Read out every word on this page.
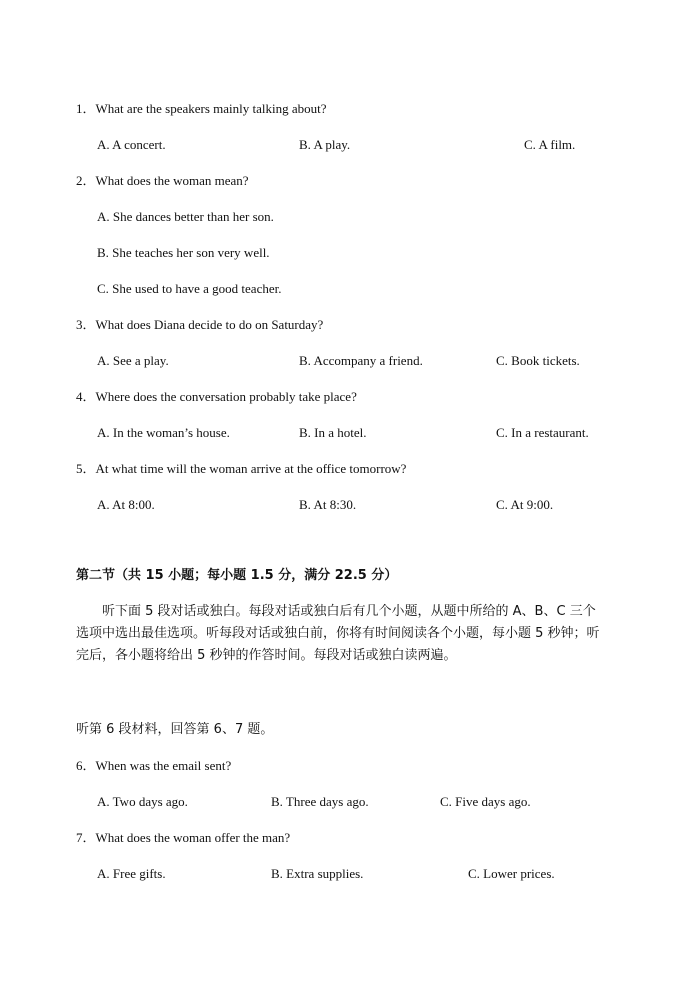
1．What are the speakers mainly talking about?
A. A concert.	B. A play.	C. A film.
2．What does the woman mean?
A. She dances better than her son.
B. She teaches her son very well.
C. She used to have a good teacher.
3．What does Diana decide to do on Saturday?
A. See a play.	B. Accompany a friend.	C. Book tickets.
4．Where does the conversation probably take place?
A. In the woman’s house.	B. In a hotel.	C. In a restaurant.
5．At what time will the woman arrive at the office tomorrow?
A. At 8:00.	B. At 8:30.	C. At 9:00.
第二节（共 15 小题；每小题 1.5 分，满分 22.5 分）

　　听下面 5 段对话或独白。每段对话或独白后有几个小题，从题中所给的 A、B、C 三个

选项中选出最佳选项。听每段对话或独白前，你将有时间阅读各个小题，每小题 5 秒钟；听

完后，各小题将给出 5 秒钟的作答时间。每段对话或独白读两遍。

听第 6 段材料，回答第 6、7 题。
6．When was the email sent?
A. Two days ago.	B. Three days ago.	C. Five days ago.
7．What does the woman offer the man?
A. Free gifts.	B. Extra supplies.	C. Lower prices.
